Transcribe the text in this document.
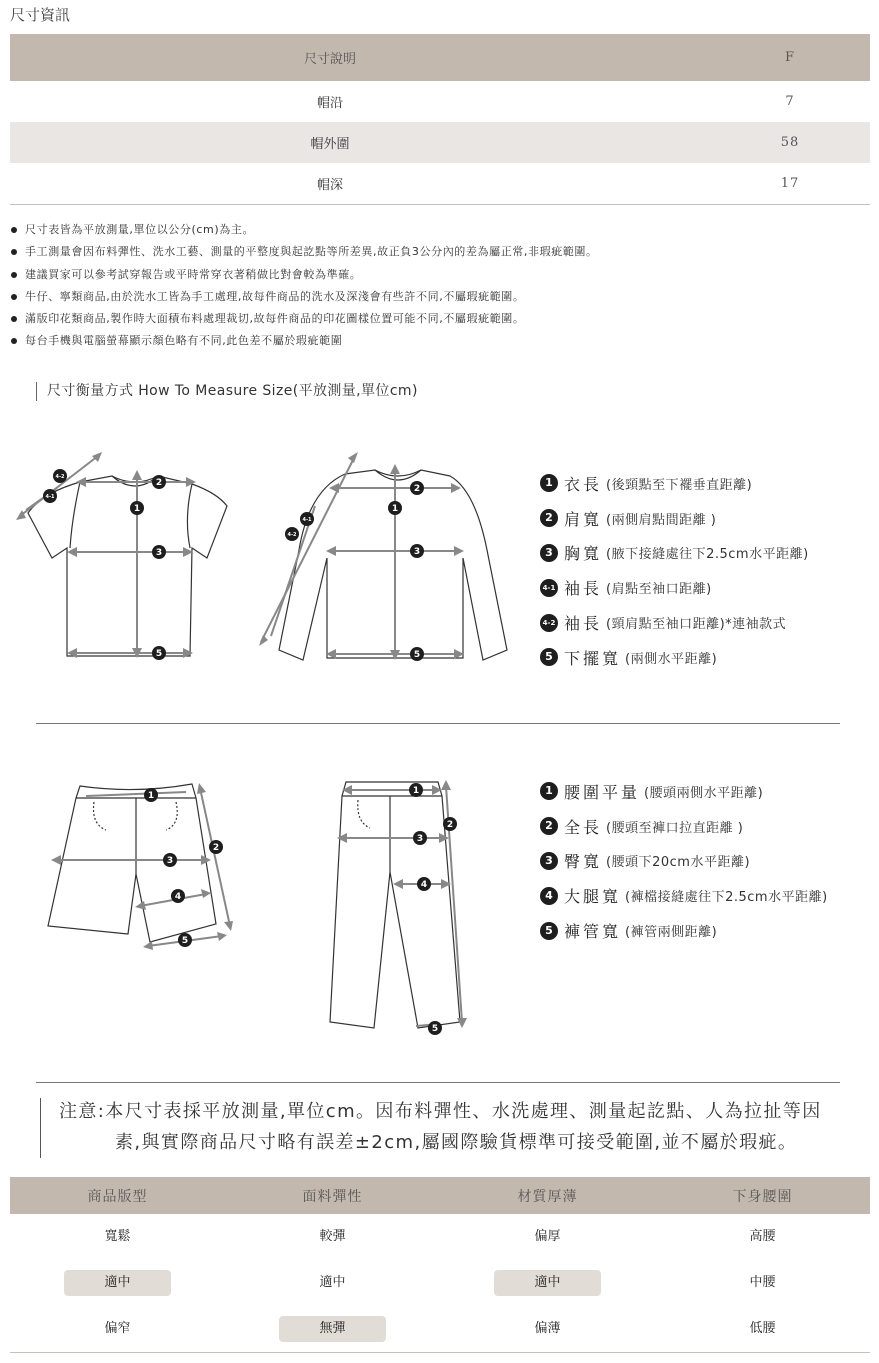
尺寸資訊
尺寸說明	F
帽沿	7
帽外圍	58
帽深	17
尺寸表皆為平放測量,單位以公分(cm)為主。
手工測量會因布料彈性、洗水工藝、測量的平整度與起訖點等所差異,故正負3公分內的差為屬正常,非瑕疵範圍。
建議買家可以參考試穿報告或平時常穿衣著稍做比對會較為準確。
牛仔、寧類商品,由於洗水工皆為手工處理,故每件商品的洗水及深淺會有些許不同,不屬瑕疵範圍。
滿版印花類商品,製作時大面積布料處理裁切,故每件商品的印花圖樣位置可能不同,不屬瑕疵範圍。
每台手機與電腦螢幕顯示顏色略有不同,此色差不屬於瑕疵範圍
尺寸衡量方式 How To Measure Size(平放測量,單位cm)
1
2
3
5
4-2
4-1
1
2
3
5
4-1
4-2
1 衣長 (後頸點至下襬垂直距離)
2 肩寬 (兩側肩點間距離 )
3 胸寬 (腋下接縫處往下2.5cm水平距離)
4-1 袖長 (肩點至袖口距離)
4-2 袖長 (頸肩點至袖口距離)*連袖款式
5 下擺寬 (兩側水平距離)
1
2
3
4
5
1
2
3
4
5
1 腰圍平量 (腰頭兩側水平距離)
2 全長 (腰頭至褲口拉直距離 )
3 臀寬 (腰頭下20cm水平距離)
4 大腿寬 (褲檔接縫處往下2.5cm水平距離)
5 褲管寬 (褲管兩側距離)
注意:本尺寸表採平放測量,單位cm。因布料彈性、水洗處理、測量起訖點、人為拉扯等因
素,與實際商品尺寸略有誤差±2cm,屬國際驗貨標準可接受範圍,並不屬於瑕疵。
商品版型	面料彈性	材質厚薄	下身腰圍
寬鬆	較彈	偏厚	高腰
適中	適中	適中	中腰
偏窄	無彈	偏薄	低腰
